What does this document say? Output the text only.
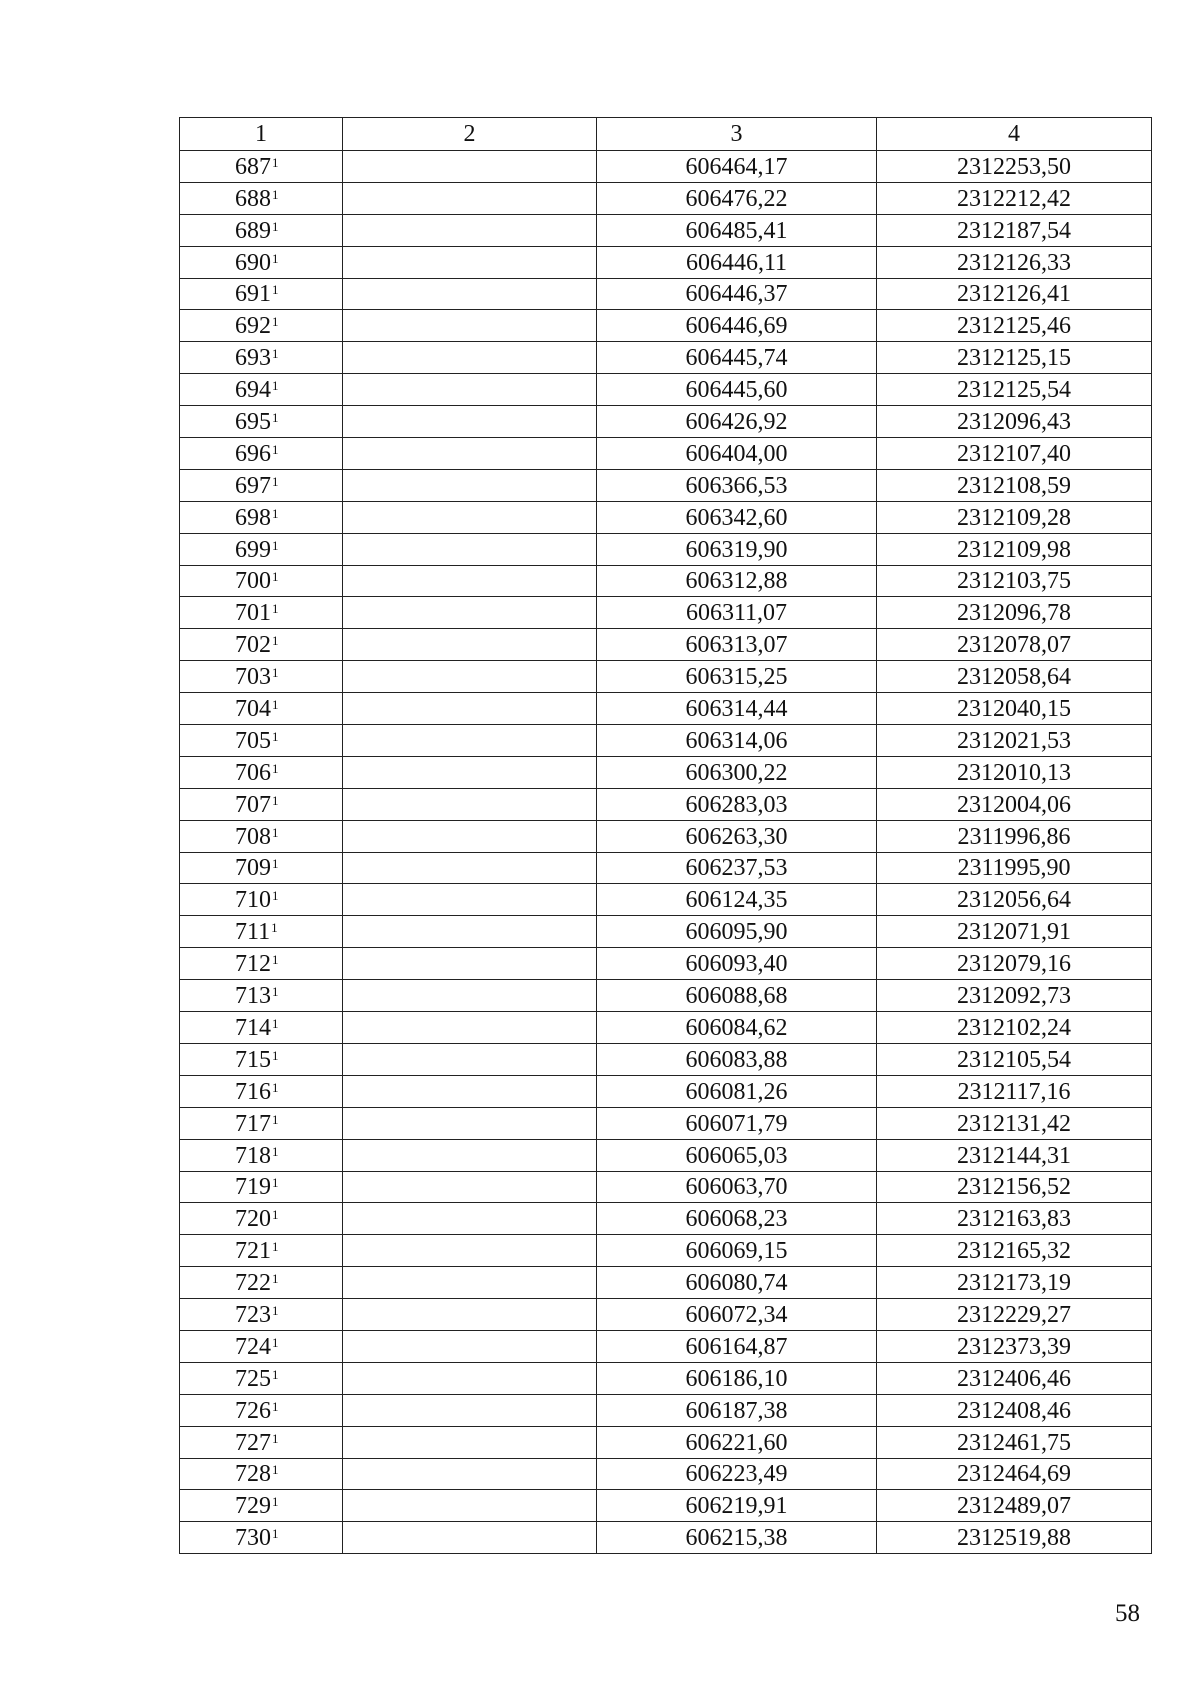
1	2	3	4
$687^1$		606464,17	2312253,50
$688^1$		606476,22	2312212,42
$689^1$		606485,41	2312187,54
$690^1$		606446,11	2312126,33
$691^1$		606446,37	2312126,41
$692^1$		606446,69	2312125,46
$693^1$		606445,74	2312125,15
$694^1$		606445,60	2312125,54
$695^1$		606426,92	2312096,43
$696^1$		606404,00	2312107,40
$697^1$		606366,53	2312108,59
$698^1$		606342,60	2312109,28
$699^1$		606319,90	2312109,98
$700^1$		606312,88	2312103,75
$701^1$		606311,07	2312096,78
$702^1$		606313,07	2312078,07
$703^1$		606315,25	2312058,64
$704^1$		606314,44	2312040,15
$705^1$		606314,06	2312021,53
$706^1$		606300,22	2312010,13
$707^1$		606283,03	2312004,06
$708^1$		606263,30	2311996,86
$709^1$		606237,53	2311995,90
$710^1$		606124,35	2312056,64
$711^1$		606095,90	2312071,91
$712^1$		606093,40	2312079,16
$713^1$		606088,68	2312092,73
$714^1$		606084,62	2312102,24
$715^1$		606083,88	2312105,54
$716^1$		606081,26	2312117,16
$717^1$		606071,79	2312131,42
$718^1$		606065,03	2312144,31
$719^1$		606063,70	2312156,52
$720^1$		606068,23	2312163,83
$721^1$		606069,15	2312165,32
$722^1$		606080,74	2312173,19
$723^1$		606072,34	2312229,27
$724^1$		606164,87	2312373,39
$725^1$		606186,10	2312406,46
$726^1$		606187,38	2312408,46
$727^1$		606221,60	2312461,75
$728^1$		606223,49	2312464,69
$729^1$		606219,91	2312489,07
$730^1$		606215,38	2312519,88
58
